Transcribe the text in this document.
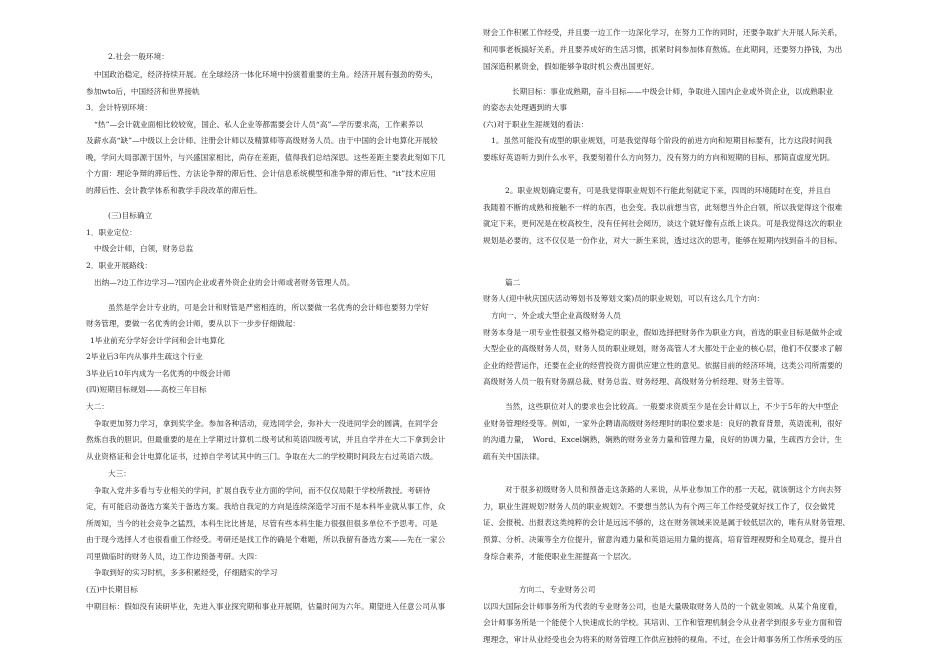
2.社会一般环境：
中国政治稳定，经济持续开展。在全球经济一体化环境中扮演着重要的主角。经济开展有强劲的势头，
参加wto后，中国经济和世界接轨
3．会计特别环境：
“热”—会计就业面相比较较宽，国企、私人企业等都需要会计人员“高”—学历要求高，工作素养以
及薪水高“缺”—中级以上会计师、注册会计师以及精算师等高级财务人员。由于中国的会计电算化开展较
晚，学问大局部源于国外，与兴盛国家相比，尚存在差距，值得我们总结深思。这些差距主要表此刻如下几
个方面：理论争辩的滞后性、方法论争辩的滞后性、会计信息系统模型和准争辩的滞后性、“it”技术应用
的滞后性、会计教学体系和教学手段改革的滞后性。
(三)目标确立
1．职业定位：
中级会计师，白领，财务总监
2．职业开展路线：
出纳—?边工作边学习—?国内企业或者外资企业的会计师或者财务管理人员。
虽然是学会计专业的，可是会计和财管是严密相连的，所以要做一名优秀的会计师也要努力学好
财务管理，要做一名优秀的会计师，要从以下一步步仔细做起：
1毕业前充分学好会计学问和会计电算化
2毕业后3年内从事并生疏这个行业
3毕业后10年内成为一名优秀的中级会计师
(四)短期目标规划——高校三年目标
大二：
争取更加努力学习，拿到奖学金。参加各种活动，竞选同学会，弥补大一没进同学会的圆满，在同学会
熬炼自我的胆识。但最重要的是在上学期过计算机二级考试和英语四级考试，并且自学并在大二下拿到会计
从业资格证和会计电算化证书，过掉自学考试其中的三门。争取在大二的学校期时间段左右过英语六级。
大三：
争取入党并多看与专业相关的学问，扩展自我专业方面的学问，而不仅仅局限于学校所教授。考研待
定，有可能启动备选方案关于备选方案。我给自我定的方向是连续深造学习而不是本科毕业就从事工作，众
所周知，当今的社会竞争之猛烈，本科生比比皆是，尽管有些本科生能力很强但很多单位不予思考。可是
由于现今选择人才也很看重工作经受。考研还是找工作的确是个难题，所以我留有备选方案——先在一家公
司里做临时的财务人员，边工作边预备考研。大四：
争取到好的实习时机，多多积累经受，仔细踏实的学习
(五)中长期目标
中期目标：假如没有读研毕业，先进入事业探究期和事业开展期，估量时间为六年。期望进入任意公司从事
财会工作积累工作经受，并且要一边工作一边深化学习，在努力工作的同时，还要争取扩大开展人际关系，
和同事老板搞好关系，并且要养成好的生活习惯，抓紧时间参加体育熬炼。在此期间，还要努力挣钱，为出
国深造积累资金，假如能够争取时机公费出国更好。
长期目标：事业成熟期，奋斗目标——中级会计师，争取进入国内企业或外资企业，以成熟职业
的姿态去处理遇到的大事
(六)对于职业生涯规划的看法：
1。虽然可能没有成型的职业规划，可是我觉得每个阶段的前进方向和短期目标要有，比方这段时间我
要练好英语听力到什么水平，我要刻着什么方向努力，没有努力的方向和短期的目标，那简直虚度光阴。
2。职业规划确定要有，可是我觉得职业规划不行能此刻就定下来，四周的环境随时在变，并且自
我随着不断的成熟和接触不一样的东西，也会变。我以前想当官，此刻想当外企白领，所以我觉得这个很难
就定下来，更何况是在校高校生，没有任何社会阅历，谈这个就好像有点纸上谈兵。可是我觉得这次的职业
规划是必要的，这不仅仅是一份作业，对大一新生来说，透过这次的思考，能够在短期内找到奋斗的目标。
篇二
财务人(迎中秋庆国庆活动筹划书及筹划文案)员的职业规划，可以有这么几个方向：
方向一、外企或大型企业高级财务人员
财务本身是一项专业性很强又格外稳定的职业，假如选择把财务作为职业方向，首选的职业目标是做外企或
大型企业的高级财务人员，财务人员的职业规划，财务高管人才大都处于企业的核心层，他们不仅要求了解
企业的经营运作，还要在企业的经营投资方面供应建立性的意见。依据目前的经济环境，这类公司所需要的
高级财务人员一般有财务副总裁、财务总监、财务经理、高级财务分析经理、财务主管等。
当然，这些职位对人的要求也会比较高。一般要求资质至少是在会计师以上，不少于5年的大中型企
业财务管理经受等。例如，一家外企聘请高级财务经理时的职位要求是：良好的教育背景，英语流利，很好
的沟通力量，　Word、Excel娴熟，娴熟的财务业务力量和管理力量，良好的协调力量，生疏西方会计，生
疏有关中国法律。
对于很多初级财务人员和预备走这条路的人来说，从毕业参加工作的那一天起，就该朝这个方向去努
力，职业生涯规划?财务人员的职业规划?。不要想当然认为有个两三年工作经受就好找工作了，仅会做凭
证、会报税、出报表这类纯粹的会计是远远不够的，这在财务领域来说是属于较低层次的，唯有从财务管理、
预算、分析、决策等全方位提升，留意沟通力量和英语运用力量的提高，培育管理视野和全局观念，提升自
身综合素养，才能使职业生涯提高一个层次。
方向二、专业财务公司
以四大国际会计师事务所为代表的专业财务公司，也是大量吸取财务人员的一个就业领域。从某个角度看，
会计师事务所是一个能使个人快速成长的学校。其培训、工作和管理机制会令从业者学到很多专业方面和管
理理念，审计从业经受也会为将来的财务管理工作供应独特的视角。不过，在会计师事务所工作所承受的压
